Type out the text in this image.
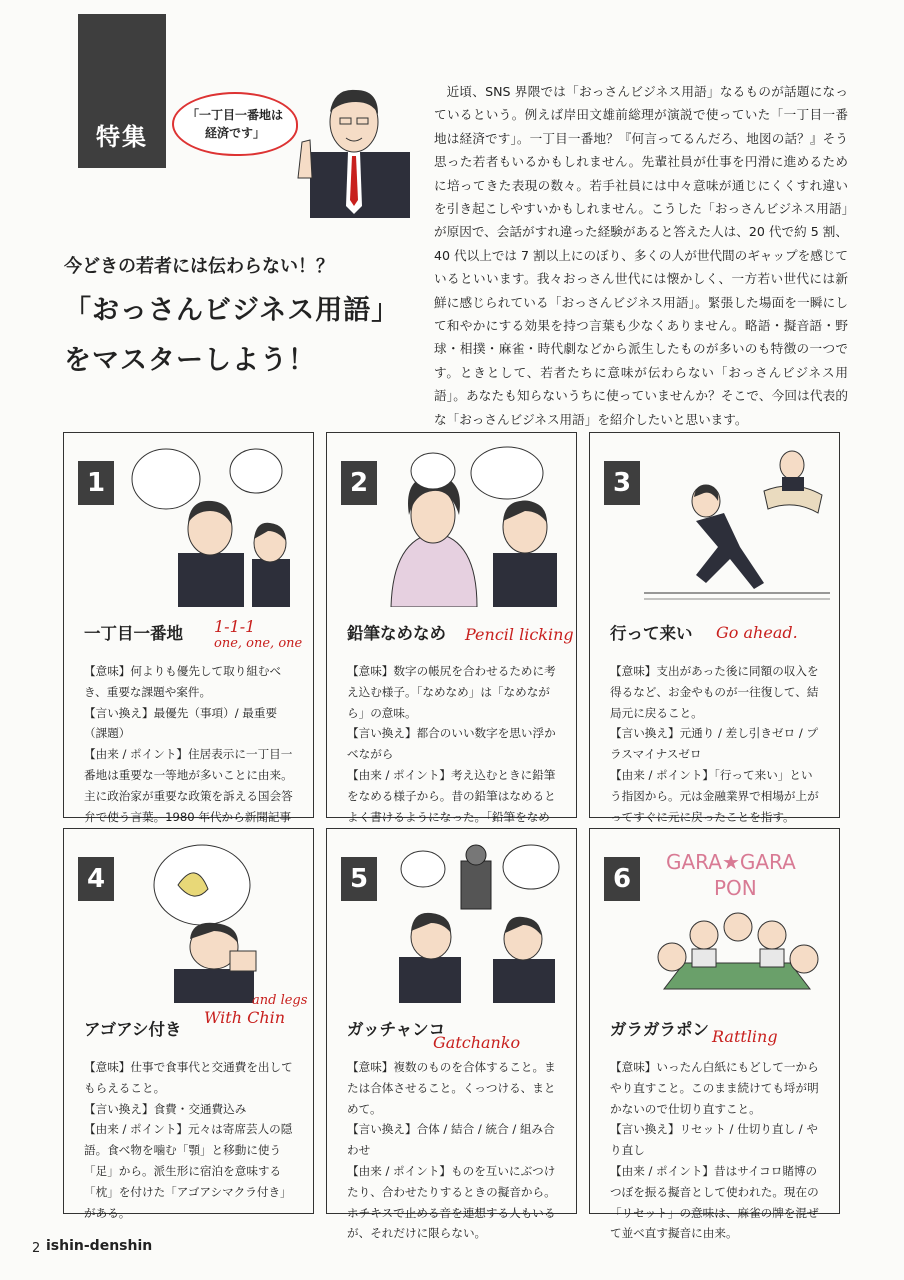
特集
「一丁目一番地は
経済です」
今どきの若者には伝わらない！？
「おっさんビジネス用語」
をマスターしよう！

近頃、SNS 界隈では「おっさんビジネス用語」なるものが話題になっているという。例えば岸田文雄前総理が演説で使っていた「一丁目一番地は経済です」。一丁目一番地？『何言ってるんだろ、地図の話？』そう思った若者もいるかもしれません。先輩社員が仕事を円滑に進めるために培ってきた表現の数々。若手社員には中々意味が通じにくくすれ違いを引き起こしやすいかもしれません。こうした「おっさんビジネス用語」が原因で、会話がすれ違った経験があると答えた人は、20 代で約 5 割、40 代以上では 7 割以上にのぼり、多くの人が世代間のギャップを感じているといいます。我々おっさん世代には懐かしく、一方若い世代には新鮮に感じられている「おっさんビジネス用語」。緊張した場面を一瞬にして和やかにする効果を持つ言葉も少なくありません。略語・擬音語・野球・相撲・麻雀・時代劇などから派生したものが多いのも特徴の一つです。ときとして、若者たちに意味が伝わらない「おっさんビジネス用語」。あなたも知らないうちに使っていませんか？そこで、今回は代表的な「おっさんビジネス用語」を紹介したいと思います。

1
一丁目一番地 1-1-1
one, one, one

【意味】何よりも優先して取り組むべき、重要な課題や案件。

【言い換え】最優先（事項）/ 最重要（課題）

【由来 / ポイント】住居表示に一丁目一番地は重要な一等地が多いことに由来。主に政治家が重要な政策を訴える国会答弁で使う言葉。1980 年代から新聞記事

2
鉛筆なめなめ Pencil licking

【意味】数字の帳尻を合わせるために考え込む様子。「なめなめ」は「なめながら」の意味。

【言い換え】都合のいい数字を思い浮かべながら

【由来 / ポイント】考え込むときに鉛筆をなめる様子から。昔の鉛筆はなめるとよく書けるようになった。「鉛筆をなめ

3
行って来い Go ahead.

【意味】支出があった後に同額の収入を得るなど、お金やものが一往復して、結局元に戻ること。

【言い換え】元通り / 差し引きゼロ / プラスマイナスゼロ

【由来 / ポイント】「行って来い」という指図から。元は金融業界で相場が上がってすぐに元に戻ったことを指す。

4
アゴアシ付き
and legs
With Chin

【意味】仕事で食事代と交通費を出してもらえること。

【言い換え】食費・交通費込み

【由来 / ポイント】元々は寄席芸人の隠語。食べ物を噛む「顎」と移動に使う「足」から。派生形に宿泊を意味する「枕」を付けた「アゴアシマクラ付き」がある。

5
ガッチャンコ
Gatchanko

【意味】複数のものを合体すること。または合体させること。くっつける、まとめて。

【言い換え】合体 / 結合 / 統合 / 組み合わせ

【由来 / ポイント】ものを互いにぶつけたり、合わせたりするときの擬音から。ホチキスで止める音を連想する人もいるが、それだけに限らない。

6
GARA★GARA
PON
ガラガラポン Rattling

【意味】いったん白紙にもどして一からやり直すこと。このまま続けても埒が明かないので仕切り直すこと。

【言い換え】リセット / 仕切り直し / やり直し

【由来 / ポイント】昔はサイコロ賭博のつぼを振る擬音として使われた。現在の「リセット」の意味は、麻雀の牌を混ぜて並べ直す擬音に由来。

2 ishin-denshin
